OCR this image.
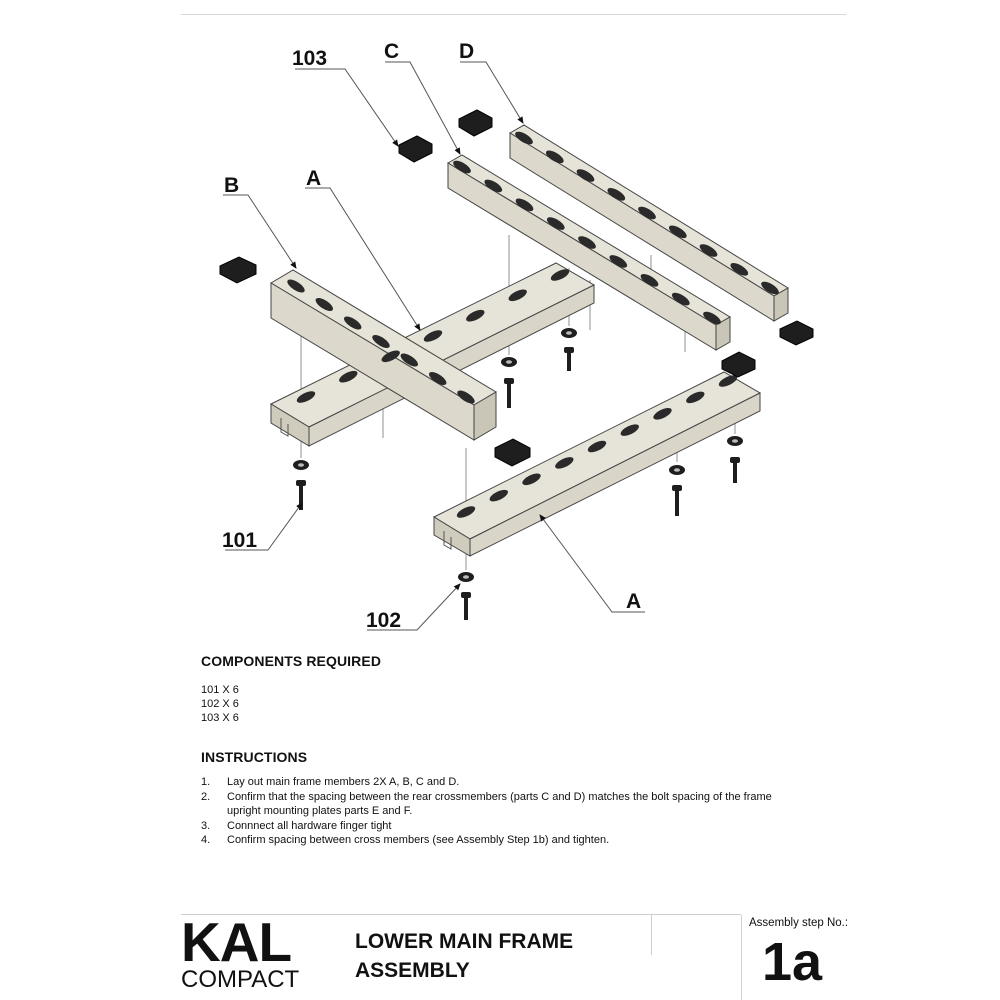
103	C	D
B	A
101
102
A
COMPONENTS REQUIRED
101 X 6
102 X 6
103 X 6
INSTRUCTIONS
1. Lay out main frame members 2X A, B, C and D.
2. Confirm that the spacing between the rear crossmembers (parts C and D) matches the bolt spacing of the frame upright mounting plates parts E and F.
3. Connnect all hardware finger tight
4. Confirm spacing between cross members (see Assembly Step 1b) and tighten.
KAL
COMPACT
LOWER MAIN FRAME
ASSEMBLY
Assembly step No.:
1a
